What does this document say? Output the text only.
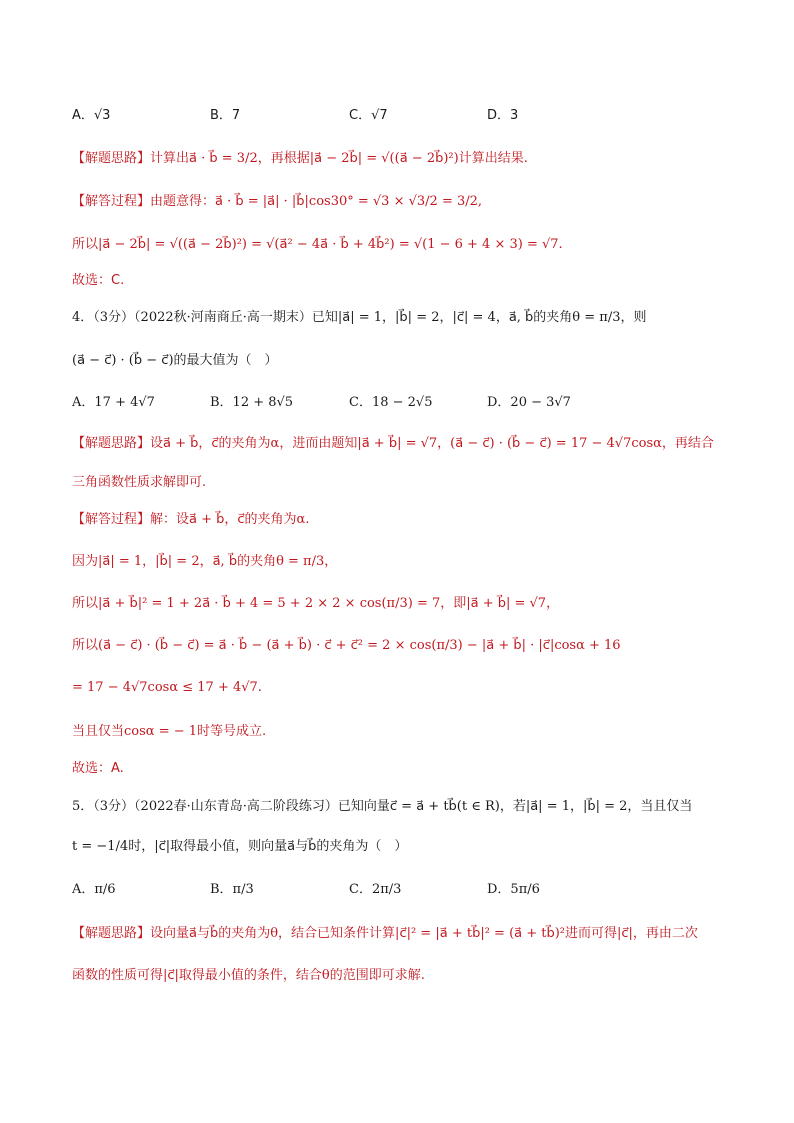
A．√3	B．7	C．√7	D．3
【解题思路】计算出a⃗ · b⃗ = 3/2，再根据|a⃗ − 2b⃗| = √((a⃗ − 2b⃗)²)计算出结果.
【解答过程】由题意得：a⃗ · b⃗ = |a⃗| · |b⃗|cos30° = √3 × √3/2 = 3/2,
所以|a⃗ − 2b⃗| = √((a⃗ − 2b⃗)²) = √(a⃗² − 4a⃗ · b⃗ + 4b⃗²) = √(1 − 6 + 4 × 3) = √7.
故选：C.
4．（3分）（2022秋·河南商丘·高一期末）已知|a⃗| = 1，|b⃗| = 2，|c⃗| = 4，a⃗, b⃗的夹角θ = π/3，则
(a⃗ − c⃗) · (b⃗ − c⃗)的最大值为（　）
A．17 + 4√7	B．12 + 8√5	C．18 − 2√5	D．20 − 3√7
【解题思路】设a⃗ + b⃗，c⃗的夹角为α，进而由题知|a⃗ + b⃗| = √7，(a⃗ − c⃗) · (b⃗ − c⃗) = 17 − 4√7cosα，再结合
三角函数性质求解即可.
【解答过程】解：设a⃗ + b⃗，c⃗的夹角为α.
因为|a⃗| = 1，|b⃗| = 2，a⃗, b⃗的夹角θ = π/3，
所以|a⃗ + b⃗|² = 1 + 2a⃗ · b⃗ + 4 = 5 + 2 × 2 × cos(π/3) = 7，即|a⃗ + b⃗| = √7，
所以(a⃗ − c⃗) · (b⃗ − c⃗) = a⃗ · b⃗ − (a⃗ + b⃗) · c⃗ + c⃗² = 2 × cos(π/3) − |a⃗ + b⃗| · |c⃗|cosα + 16
= 17 − 4√7cosα ≤ 17 + 4√7.
当且仅当cosα = − 1时等号成立.
故选：A.
5．（3分）（2022春·山东青岛·高二阶段练习）已知向量c⃗ = a⃗ + tb⃗(t ∈ R)，若|a⃗| = 1，|b⃗| = 2，当且仅当
t = −1/4时，|c⃗|取得最小值，则向量a⃗与b⃗的夹角为（　）
A．π/6	B．π/3	C．2π/3	D．5π/6
【解题思路】设向量a⃗与b⃗的夹角为θ，结合已知条件计算|c⃗|² = |a⃗ + tb⃗|² = (a⃗ + tb⃗)²进而可得|c⃗|，再由二次
函数的性质可得|c⃗|取得最小值的条件，结合θ的范围即可求解.
